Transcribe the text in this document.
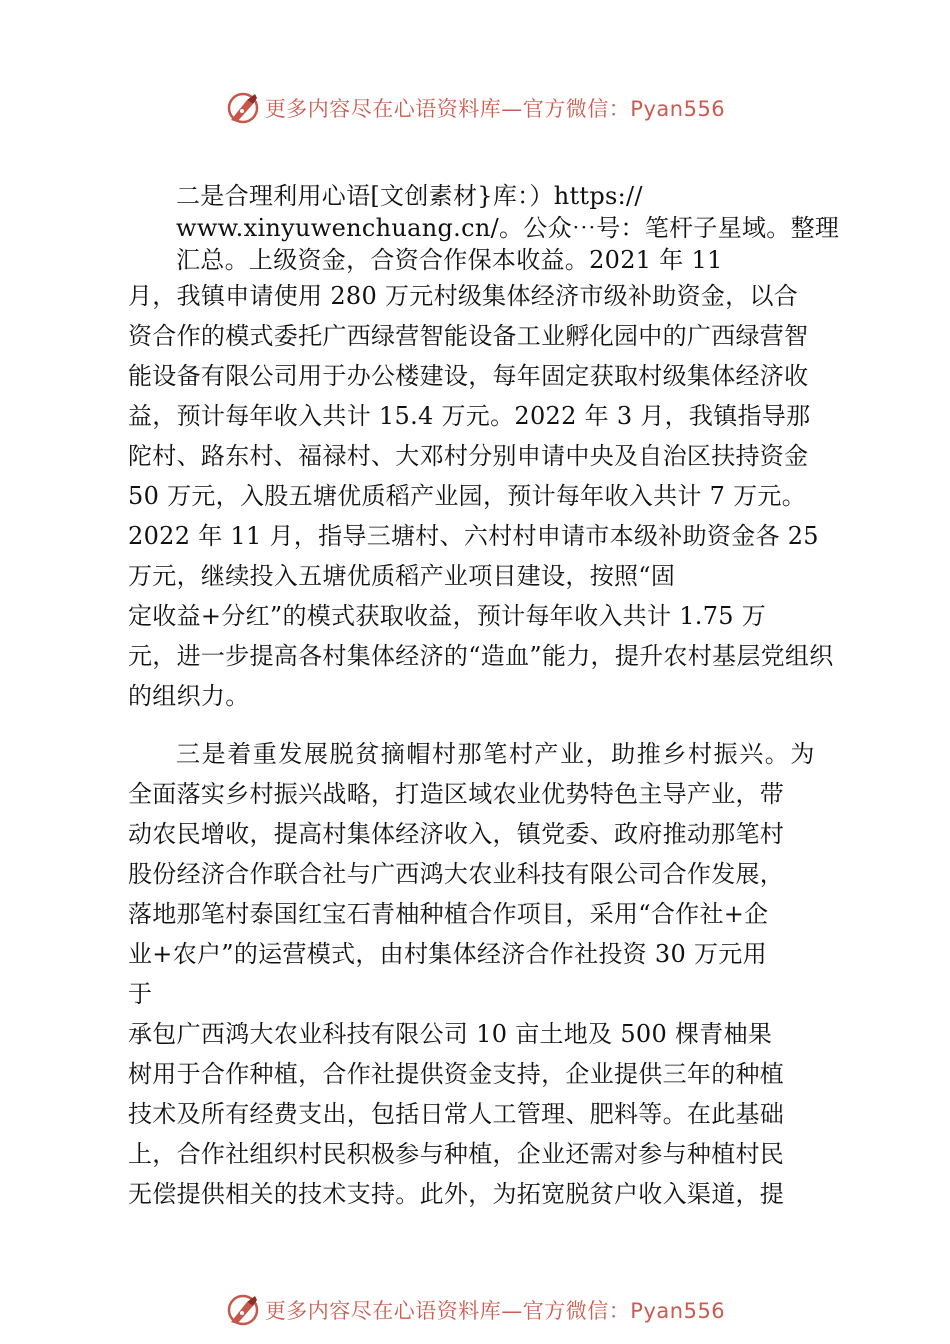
更多内容尽在心语资料库—官方微信：Pyan556
二是合理利用心语[文创素材}库：）https://
www.xinyuwenchuang.cn/。公众⋯号：笔杆子星域。整理
汇总。上级资金，合资合作保本收益。2021 年 11
月，我镇申请使用 280 万元村级集体经济市级补助资金，以合
资合作的模式委托广西绿营智能设备工业孵化园中的广西绿营智
能设备有限公司用于办公楼建设，每年固定获取村级集体经济收
益，预计每年收入共计 15.4 万元。2022 年 3 月，我镇指导那
陀村、路东村、福禄村、大邓村分别申请中央及自治区扶持资金
50 万元，入股五塘优质稻产业园，预计每年收入共计 7 万元。
2022 年 11 月，指导三塘村、六村村申请市本级补助资金各 25
万元，继续投入五塘优质稻产业项目建设，按照“固
定收益+分红”的模式获取收益，预计每年收入共计 1.75 万
元，进一步提高各村集体经济的“造血”能力，提升农村基层党组织
的组织力。
三是着重发展脱贫摘帽村那笔村产业，助推乡村振兴。为
全面落实乡村振兴战略，打造区域农业优势特色主导产业，带
动农民增收，提高村集体经济收入，镇党委、政府推动那笔村
股份经济合作联合社与广西鸿大农业科技有限公司合作发展，
落地那笔村泰国红宝石青柚种植合作项目，采用“合作社+企
业+农户”的运营模式，由村集体经济合作社投资 30 万元用
于
承包广西鸿大农业科技有限公司 10 亩土地及 500 棵青柚果
树用于合作种植，合作社提供资金支持，企业提供三年的种植
技术及所有经费支出，包括日常人工管理、肥料等。在此基础
上，合作社组织村民积极参与种植，企业还需对参与种植村民
无偿提供相关的技术支持。此外，为拓宽脱贫户收入渠道，提
更多内容尽在心语资料库—官方微信：Pyan556
